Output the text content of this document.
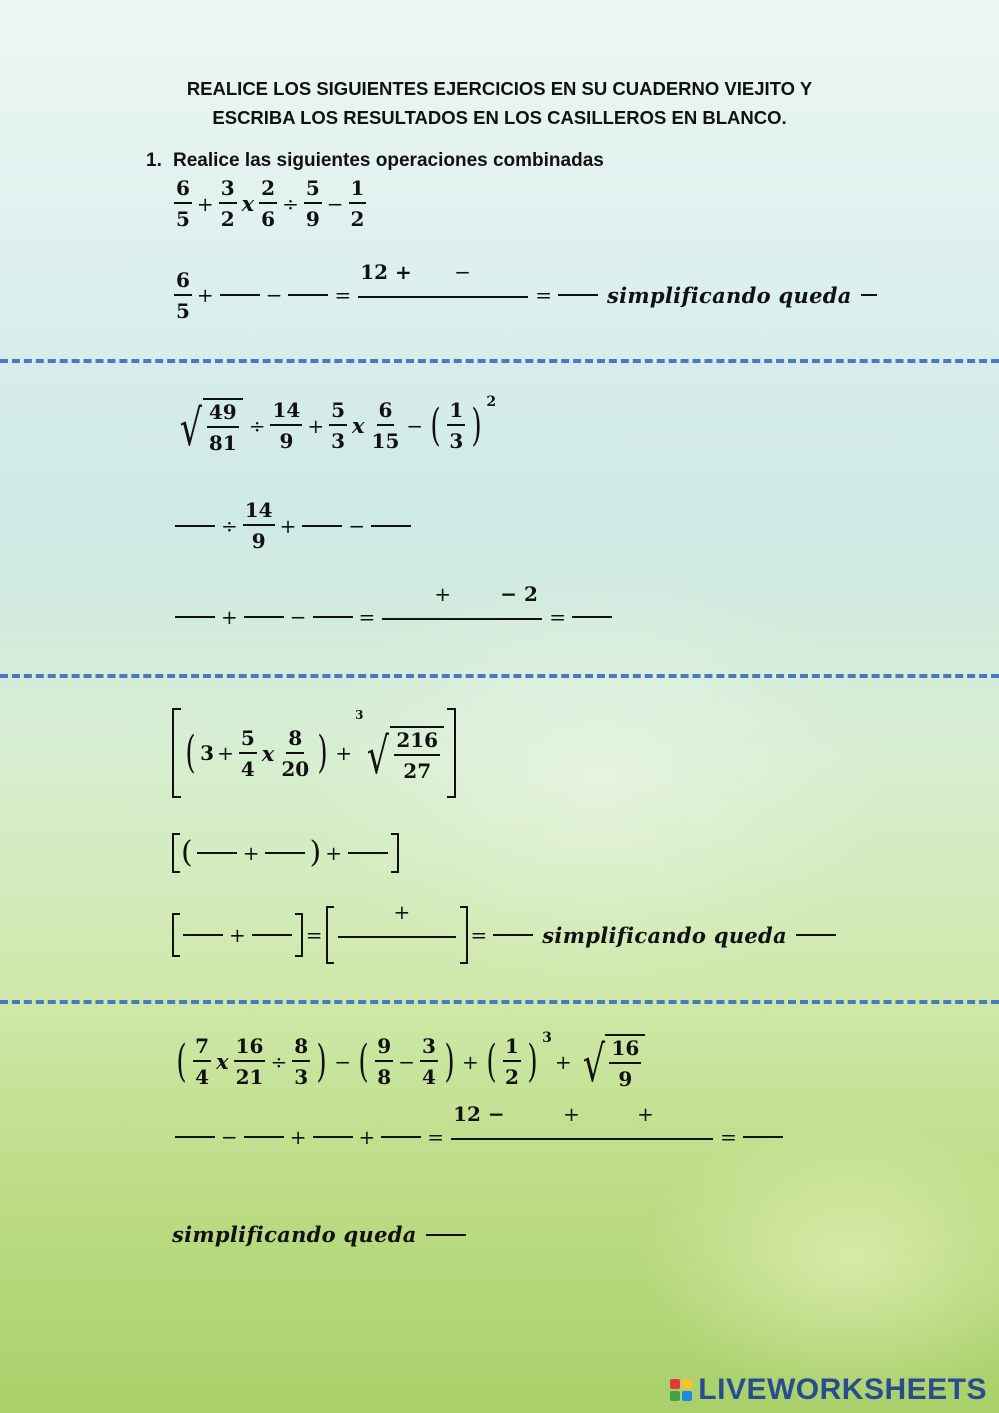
REALICE LOS SIGUIENTES EJERCICIOS EN SU CUADERNO VIEJITO Y
ESCRIBA LOS RESULTADOS EN LOS CASILLEROS EN BLANCO.
1. Realice las siguientes operaciones combinadas
$\frac{6}{5} + \frac{3}{2}$ x $\frac{2}{6} \div \frac{5}{9} - \frac{1}{2}$
$\frac{6}{5}$ +	−	=
12 + −
=	simplificando queda
√ $\frac{49}{81} \div \frac{14}{9} + \frac{5}{3}$ x $\frac{6}{15}$ − ( $\frac{1}{3}$ ) 2
÷ $\frac{14}{9}$ +	−
+	−	=
+ − 2
=
( $3 + \frac{5}{4}$ x $\frac{8}{20}$ ) +
3
√ $\frac{216}{27}$
(	+ ) +
+	=
+
=	simplificando queda
( $\frac{7}{4}$ x $\frac{16}{21} \div \frac{8}{3}$ ) − ( $\frac{9}{8} - \frac{3}{4}$ ) + ( $\frac{1}{2}$ ) 3
+ √ $\frac{16}{9}$
−	+	+	=
12 −	+	+
=
simplificando queda
LIVEWORKSHEETS
